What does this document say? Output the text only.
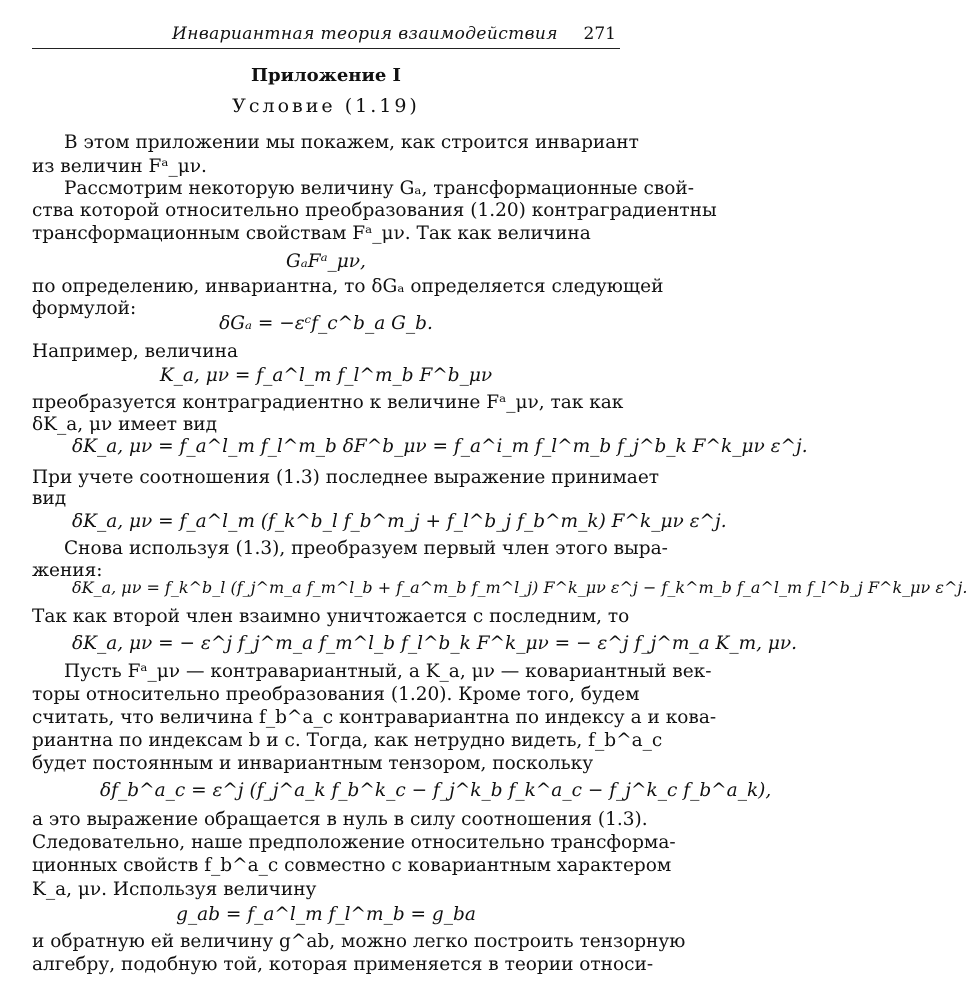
Инвариантная теория взаимодействия 271
Приложение I
Условие (1.19)
В этом приложении мы покажем, как строится инвариант
из величин Fᵃ_μν.
Рассмотрим некоторую величину Gₐ, трансформационные свой-
ства которой относительно преобразования (1.20) контраградиентны
трансформационным свойствам Fᵃ_μν. Так как величина
GₐFᵃ_μν,
по определению, инвариантна, то δGₐ определяется следующей
формулой:
δGₐ = −εᶜf_c^b_a G_b.
Например, величина
K_a, μν = f_a^l_m f_l^m_b F^b_μν
преобразуется контраградиентно к величине Fᵃ_μν, так как
δK_a, μν имеет вид
δK_a, μν = f_a^l_m f_l^m_b δF^b_μν = f_a^i_m f_l^m_b f_j^b_k F^k_μν ε^j.
При учете соотношения (1.3) последнее выражение принимает
вид
δK_a, μν = f_a^l_m (f_k^b_l f_b^m_j + f_l^b_j f_b^m_k) F^k_μν ε^j.
Снова используя (1.3), преобразуем первый член этого выра-
жения:
δK_a, μν = f_k^b_l (f_j^m_a f_m^l_b + f_a^m_b f_m^l_j) F^k_μν ε^j − f_k^m_b f_a^l_m f_l^b_j F^k_μν ε^j.
Так как второй член взаимно уничтожается с последним, то
δK_a, μν = − ε^j f_j^m_a f_m^l_b f_l^b_k F^k_μν = − ε^j f_j^m_a K_m, μν.
Пусть Fᵃ_μν — контравариантный, а K_a, μν — ковариантный век-
торы относительно преобразования (1.20). Кроме того, будем
считать, что величина f_b^a_c контравариантна по индексу a и кова-
риантна по индексам b и c. Тогда, как нетрудно видеть, f_b^a_c
будет постоянным и инвариантным тензором, поскольку
δf_b^a_c = ε^j (f_j^a_k f_b^k_c − f_j^k_b f_k^a_c − f_j^k_c f_b^a_k),
а это выражение обращается в нуль в силу соотношения (1.3).
Следовательно, наше предположение относительно трансформа-
ционных свойств f_b^a_c совместно с ковариантным характером
K_a, μν. Используя величину
g_ab = f_a^l_m f_l^m_b = g_ba
и обратную ей величину g^ab, можно легко построить тензорную
алгебру, подобную той, которая применяется в теории относи-
